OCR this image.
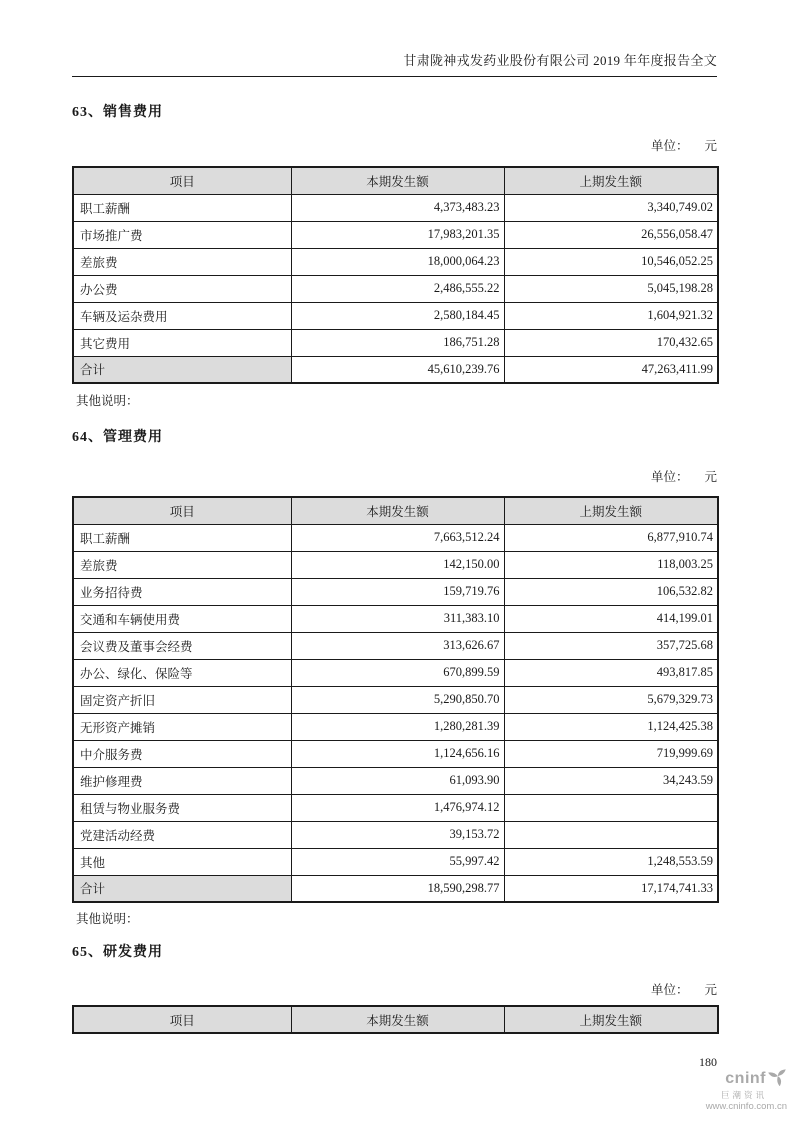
甘肃陇神戎发药业股份有限公司 2019 年年度报告全文
63、销售费用
单位： 元
项目	本期发生额	上期发生额
职工薪酬	4,373,483.23	3,340,749.02
市场推广费	17,983,201.35	26,556,058.47
差旅费	18,000,064.23	10,546,052.25
办公费	2,486,555.22	5,045,198.28
车辆及运杂费用	2,580,184.45	1,604,921.32
其它费用	186,751.28	170,432.65
合计	45,610,239.76	47,263,411.99
其他说明：
64、管理费用
单位： 元
项目	本期发生额	上期发生额
职工薪酬	7,663,512.24	6,877,910.74
差旅费	142,150.00	118,003.25
业务招待费	159,719.76	106,532.82
交通和车辆使用费	311,383.10	414,199.01
会议费及董事会经费	313,626.67	357,725.68
办公、绿化、保险等	670,899.59	493,817.85
固定资产折旧	5,290,850.70	5,679,329.73
无形资产摊销	1,280,281.39	1,124,425.38
中介服务费	1,124,656.16	719,999.69
维护修理费	61,093.90	34,243.59
租赁与物业服务费	1,476,974.12	
党建活动经费	39,153.72	
其他	55,997.42	1,248,553.59
合计	18,590,298.77	17,174,741.33
其他说明：
65、研发费用
单位： 元
项目	本期发生额	上期发生额
180
cninf
巨潮资讯
www.cninfo.com.cn
